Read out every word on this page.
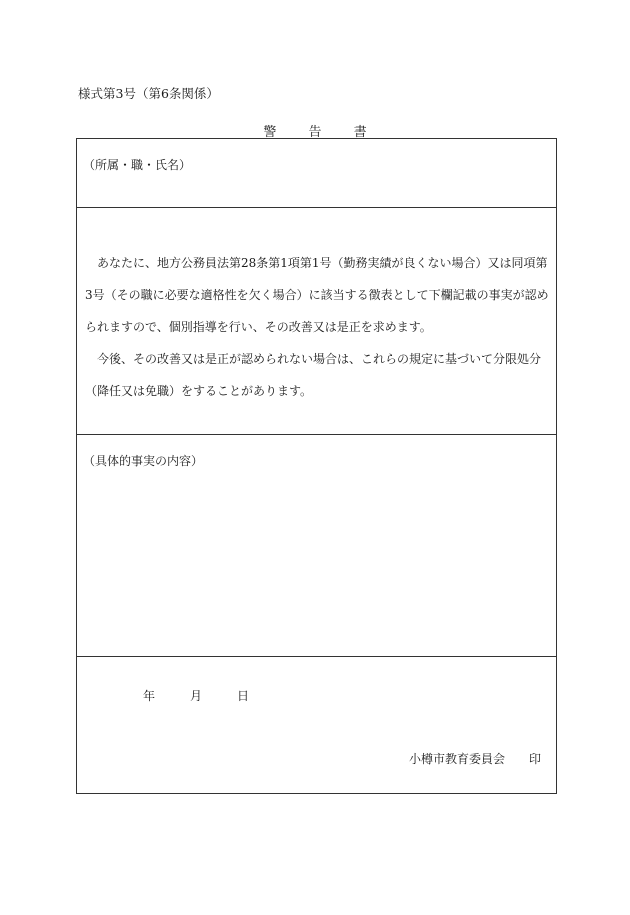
様式第3号（第6条関係）
警 告 書
（所属・職・氏名）

あなたに、地方公務員法第28条第1項第1号（勤務実績が良くない場合）又は同項第3号（その職に必要な適格性を欠く場合）に該当する徴表として下欄記載の事実が認められますので、個別指導を行い、その改善又は是正を求めます。

今後、その改善又は是正が認められない場合は、これらの規定に基づいて分限処分（降任又は免職）をすることがあります。

（具体的事実の内容）
年	月	日
小樽市教育委員会 印
